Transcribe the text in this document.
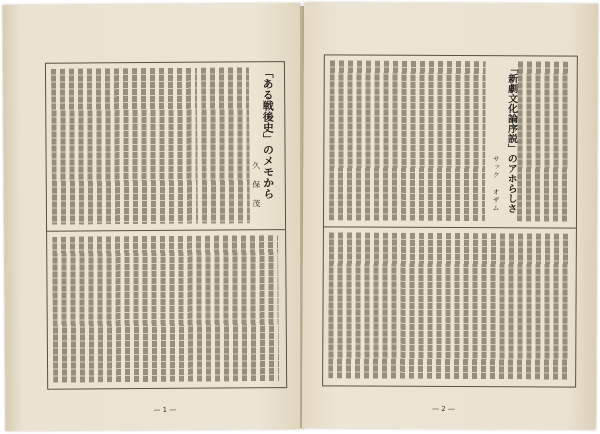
「ある戦後史」のメモから
久 保 茂
— 1 —
「新劇文化論序説」のアホらしさ
サック オザム
— 2 —
